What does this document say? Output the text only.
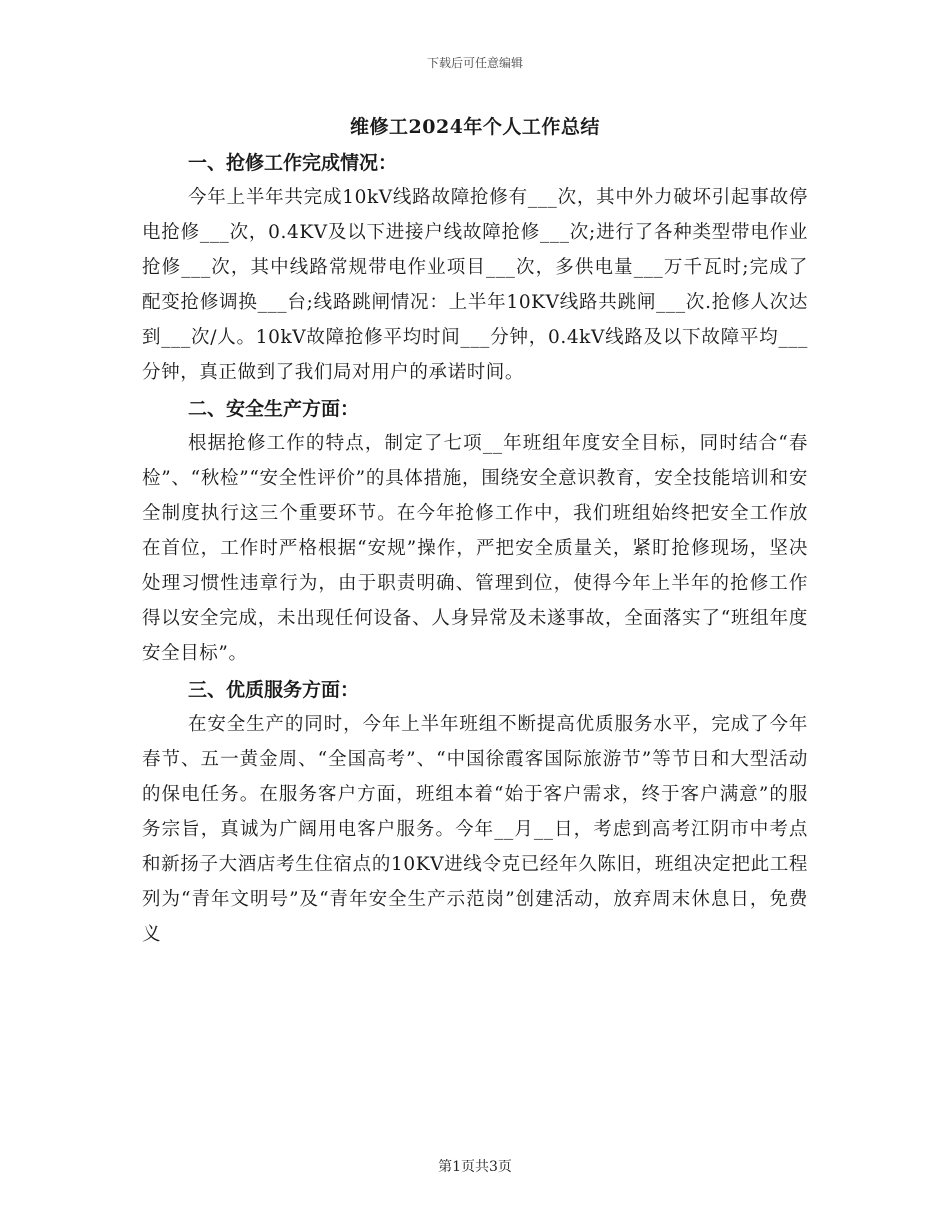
下载后可任意编辑
维修工2024年个人工作总结

一、抢修工作完成情况：

今年上半年共完成10kV线路故障抢修有___次，其中外力破坏引起事故停电抢修___次，0.4KV及以下进接户线故障抢修___次;进行了各种类型带电作业抢修___次，其中线路常规带电作业项目___次，多供电量___万千瓦时;完成了配变抢修调换___台;线路跳闸情况：上半年10KV线路共跳闸___次.抢修人次达到___次/人。10kV故障抢修平均时间___分钟，0.4kV线路及以下故障平均___分钟，真正做到了我们局对用户的承诺时间。

二、安全生产方面：

根据抢修工作的特点，制定了七项__年班组年度安全目标，同时结合“春检”、“秋检”“安全性评价”的具体措施，围绕安全意识教育，安全技能培训和安全制度执行这三个重要环节。在今年抢修工作中，我们班组始终把安全工作放在首位，工作时严格根据“安规”操作，严把安全质量关，紧盯抢修现场，坚决处理习惯性违章行为，由于职责明确、管理到位，使得今年上半年的抢修工作得以安全完成，未出现任何设备、人身异常及未遂事故，全面落实了“班组年度安全目标”。

三、优质服务方面：

在安全生产的同时，今年上半年班组不断提高优质服务水平，完成了今年春节、五一黄金周、“全国高考”、“中国徐霞客国际旅游节”等节日和大型活动的保电任务。在服务客户方面，班组本着“始于客户需求，终于客户满意”的服务宗旨，真诚为广阔用电客户服务。今年__月__日，考虑到高考江阴市中考点和新扬子大酒店考生住宿点的10KV进线令克已经年久陈旧，班组决定把此工程列为“青年文明号”及“青年安全生产示范岗”创建活动，放弃周末休息日，免费义

第1页共3页
